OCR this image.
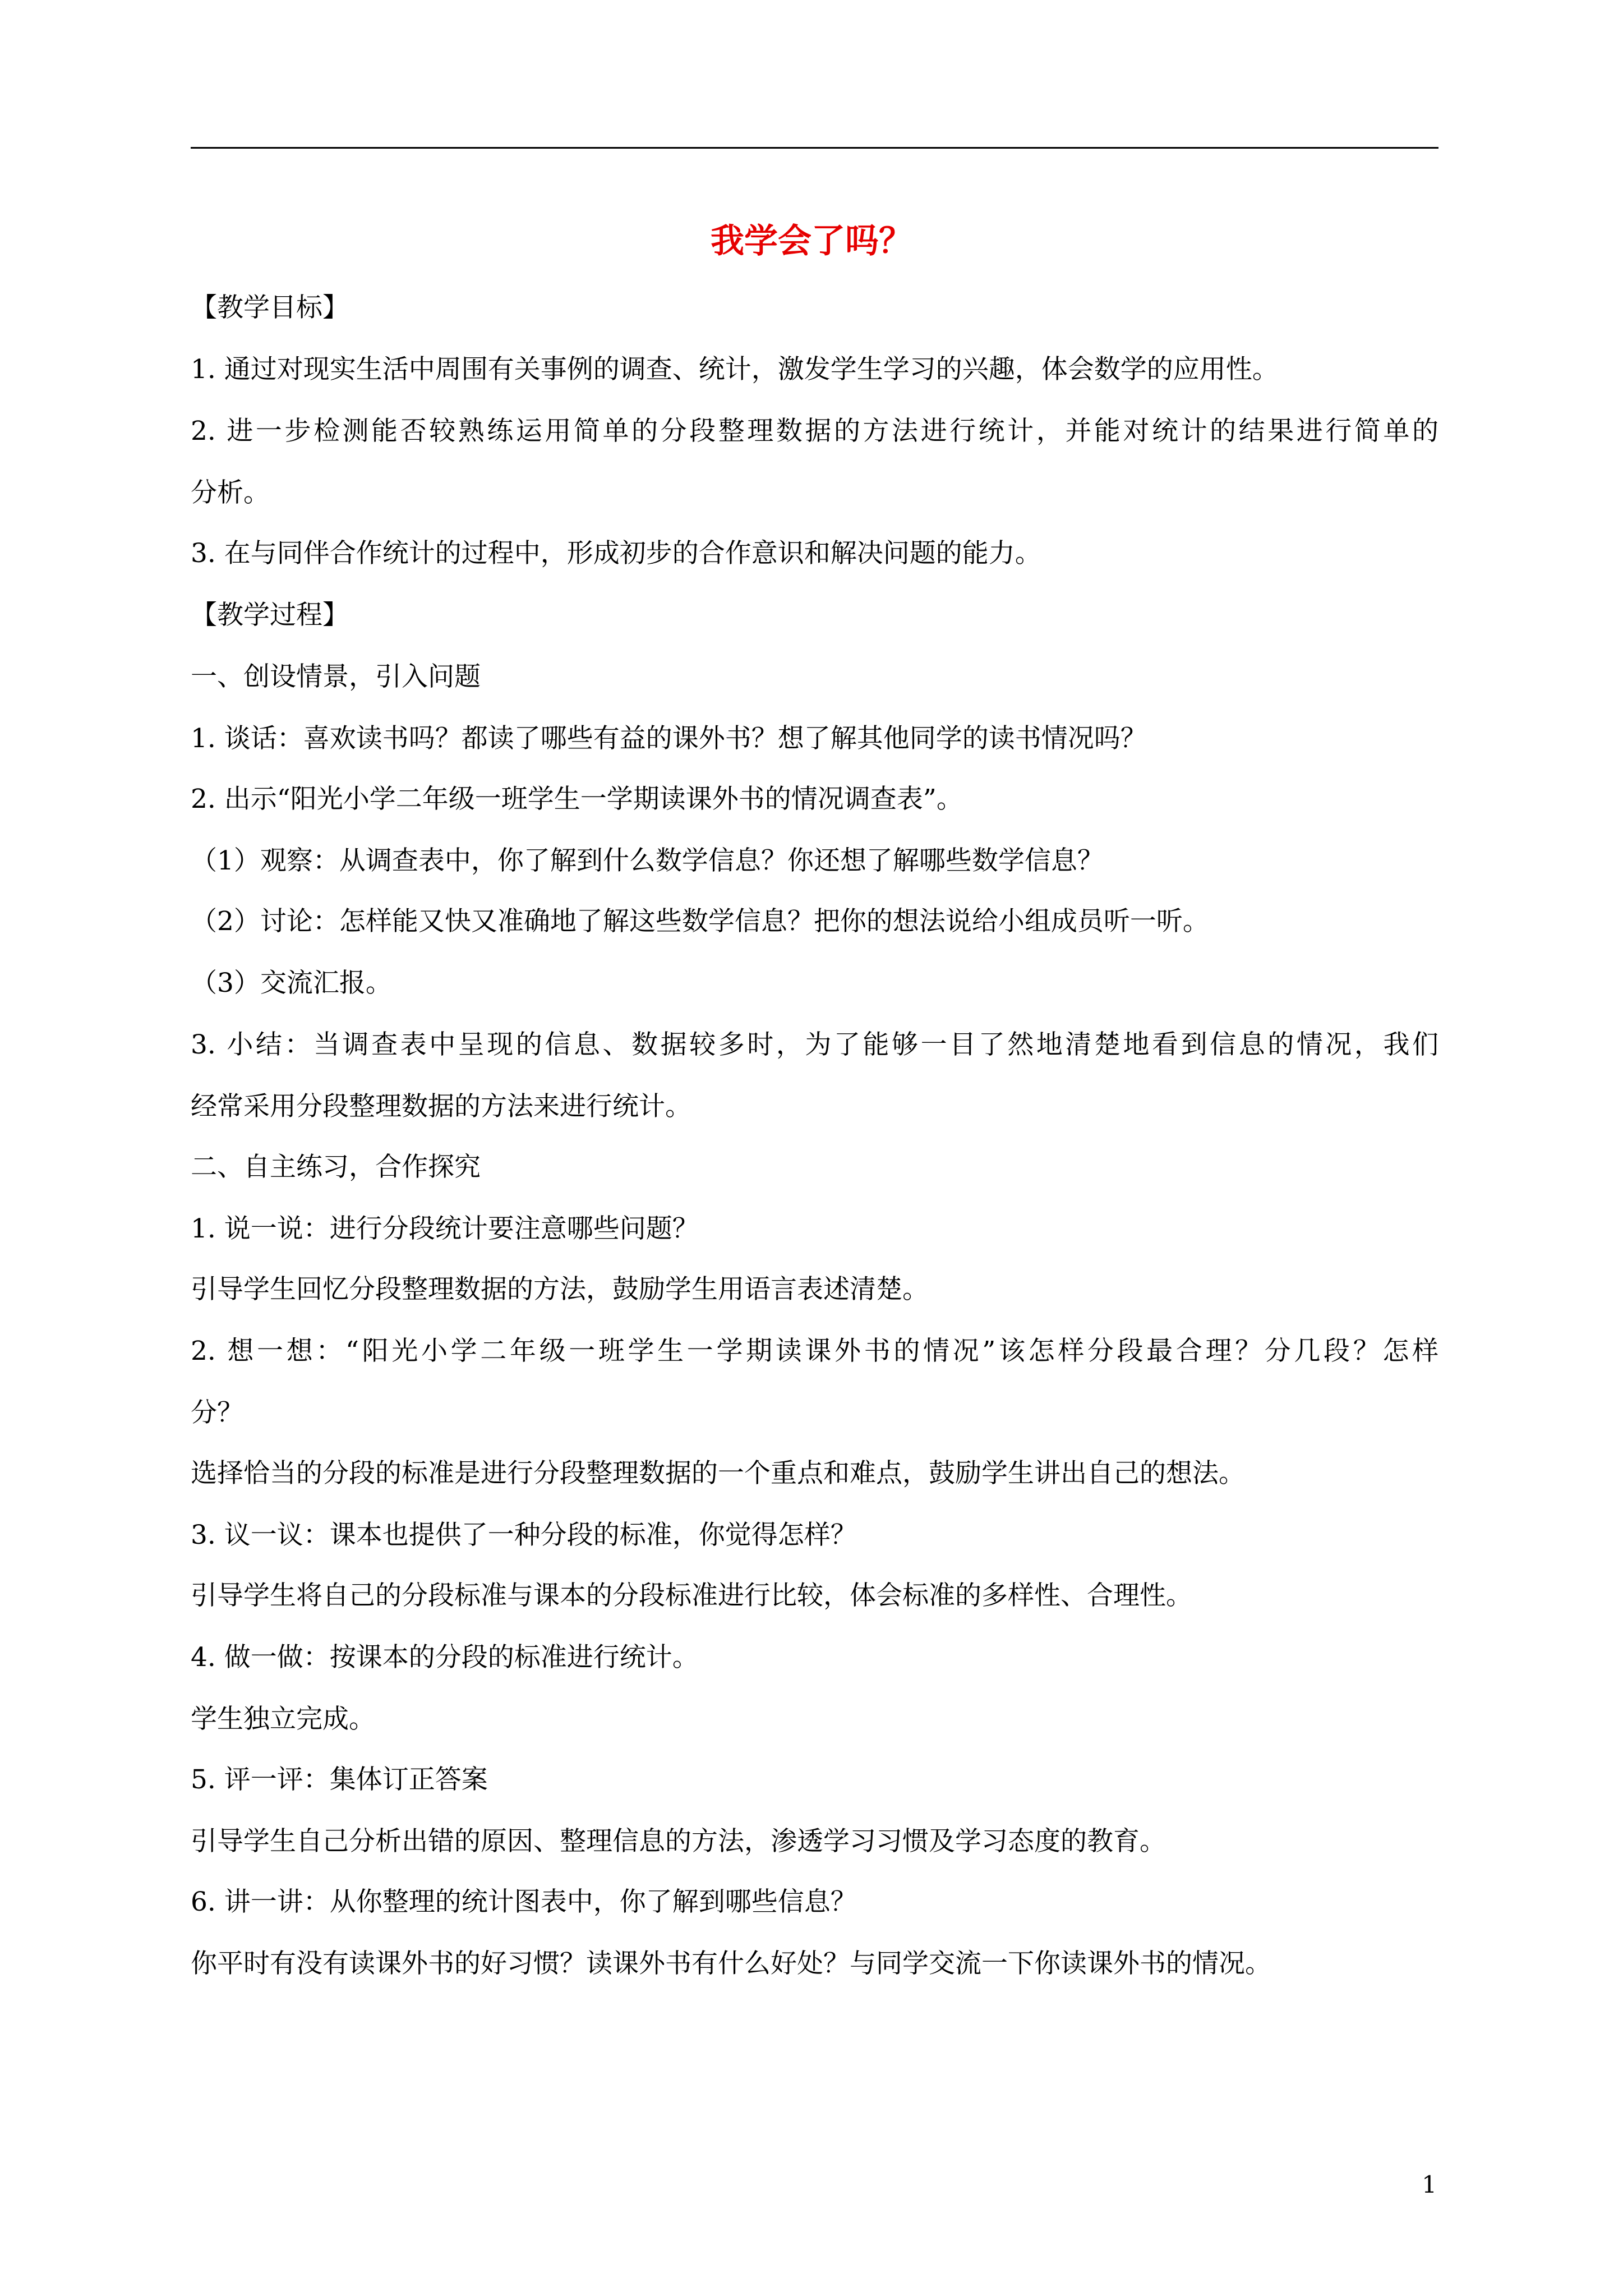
我学会了吗？
【教学目标】
1. 通过对现实生活中周围有关事例的调查、统计，激发学生学习的兴趣，体会数学的应用性。
2. 进一步检测能否较熟练运用简单的分段整理数据的方法进行统计，并能对统计的结果进行简单的
分析。
3. 在与同伴合作统计的过程中，形成初步的合作意识和解决问题的能力。
【教学过程】
一、创设情景，引入问题
1. 谈话：喜欢读书吗？都读了哪些有益的课外书？想了解其他同学的读书情况吗？
2. 出示“阳光小学二年级一班学生一学期读课外书的情况调查表”。
（1）观察：从调查表中，你了解到什么数学信息？你还想了解哪些数学信息？
（2）讨论：怎样能又快又准确地了解这些数学信息？把你的想法说给小组成员听一听。
（3）交流汇报。
3. 小结：当调查表中呈现的信息、数据较多时，为了能够一目了然地清楚地看到信息的情况，我们
经常采用分段整理数据的方法来进行统计。
二、自主练习，合作探究
1. 说一说：进行分段统计要注意哪些问题？
引导学生回忆分段整理数据的方法，鼓励学生用语言表述清楚。
2. 想一想：“阳光小学二年级一班学生一学期读课外书的情况”该怎样分段最合理？分几段？怎样
分？
选择恰当的分段的标准是进行分段整理数据的一个重点和难点，鼓励学生讲出自己的想法。
3. 议一议：课本也提供了一种分段的标准，你觉得怎样？
引导学生将自己的分段标准与课本的分段标准进行比较，体会标准的多样性、合理性。
4. 做一做：按课本的分段的标准进行统计。
学生独立完成。
5. 评一评：集体订正答案
引导学生自己分析出错的原因、整理信息的方法，渗透学习习惯及学习态度的教育。
6. 讲一讲：从你整理的统计图表中，你了解到哪些信息？
你平时有没有读课外书的好习惯？读课外书有什么好处？与同学交流一下你读课外书的情况。
1
